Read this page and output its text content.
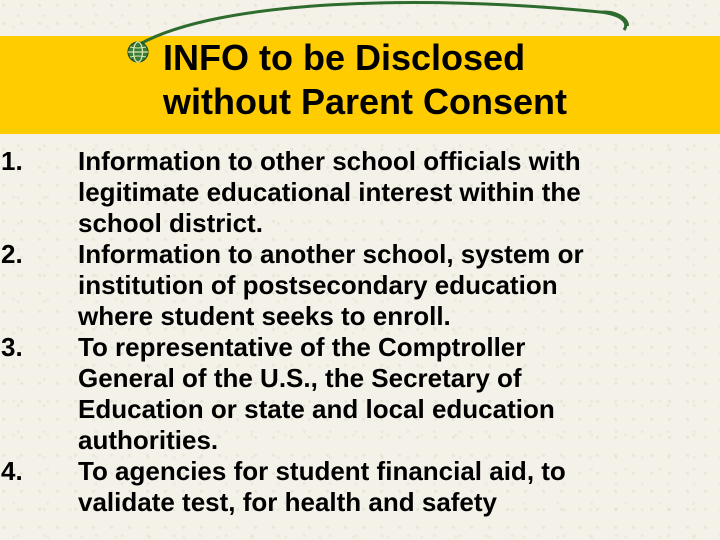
INFO to be Disclosed
without Parent Consent
1. Information to other school officials with
legitimate educational interest within the
school district.
2. Information to another school, system or
institution of postsecondary education
where student seeks to enroll.
3. To representative of the Comptroller
General of the U.S., the Secretary of
Education or state and local education
authorities.
4. To agencies for student financial aid, to
validate test, for health and safety
